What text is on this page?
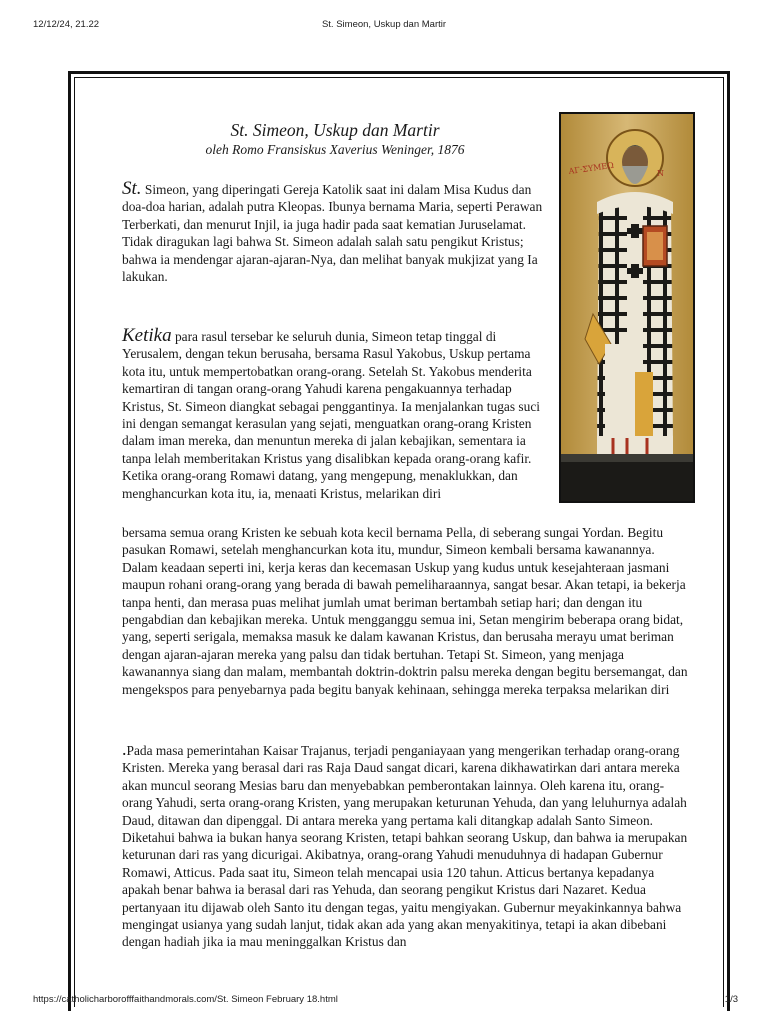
12/12/24, 21.22	St. Simeon, Uskup dan Martir

St. Simeon, Uskup dan Martir

oleh Romo Fransiskus Xaverius Weninger, 1876

ΑΓ·ΣΥΜΕΩ	Ν

St. Simeon, yang diperingati Gereja Katolik saat ini dalam Misa Kudus dan doa-doa harian, adalah putra Kleopas. Ibunya bernama Maria, seperti Perawan Terberkati, dan menurut Injil, ia juga hadir pada saat kematian Juruselamat. Tidak diragukan lagi bahwa St. Simeon adalah salah satu pengikut Kristus; bahwa ia mendengar ajaran-ajaran-Nya, dan melihat banyak mukjizat yang Ia lakukan.

Ketika para rasul tersebar ke seluruh dunia, Simeon tetap tinggal di Yerusalem, dengan tekun berusaha, bersama Rasul Yakobus, Uskup pertama kota itu, untuk mempertobatkan orang-orang. Setelah St. Yakobus menderita kemartiran di tangan orang-orang Yahudi karena pengakuannya terhadap Kristus, St. Simeon diangkat sebagai penggantinya. Ia menjalankan tugas suci ini dengan semangat kerasulan yang sejati, menguatkan orang-orang Kristen dalam iman mereka, dan menuntun mereka di jalan kebajikan, sementara ia tanpa lelah memberitakan Kristus yang disalibkan kepada orang-orang kafir. Ketika orang-orang Romawi datang, yang mengepung, menaklukkan, dan menghancurkan kota itu, ia, menaati Kristus, melarikan diri

bersama semua orang Kristen ke sebuah kota kecil bernama Pella, di seberang sungai Yordan. Begitu pasukan Romawi, setelah menghancurkan kota itu, mundur, Simeon kembali bersama kawanannya. Dalam keadaan seperti ini, kerja keras dan kecemasan Uskup yang kudus untuk kesejahteraan jasmani maupun rohani orang-orang yang berada di bawah pemeliharaannya, sangat besar. Akan tetapi, ia bekerja tanpa henti, dan merasa puas melihat jumlah umat beriman bertambah setiap hari; dan dengan itu pengabdian dan kebajikan mereka. Untuk mengganggu semua ini, Setan mengirim beberapa orang bidat, yang, seperti serigala, memaksa masuk ke dalam kawanan Kristus, dan berusaha merayu umat beriman dengan ajaran-ajaran mereka yang palsu dan tidak bertuhan. Tetapi St. Simeon, yang menjaga kawanannya siang dan malam, membantah doktrin-doktrin palsu mereka dengan begitu bersemangat, dan mengekspos para penyebarnya pada begitu banyak kehinaan, sehingga mereka terpaksa melarikan diri

.Pada masa pemerintahan Kaisar Trajanus, terjadi penganiayaan yang mengerikan terhadap orang-orang Kristen. Mereka yang berasal dari ras Raja Daud sangat dicari, karena dikhawatirkan dari antara mereka akan muncul seorang Mesias baru dan menyebabkan pemberontakan lainnya. Oleh karena itu, orang-orang Yahudi, serta orang-orang Kristen, yang merupakan keturunan Yehuda, dan yang leluhurnya adalah Daud, ditawan dan dipenggal. Di antara mereka yang pertama kali ditangkap adalah Santo Simeon. Diketahui bahwa ia bukan hanya seorang Kristen, tetapi bahkan seorang Uskup, dan bahwa ia merupakan keturunan dari ras yang dicurigai. Akibatnya, orang-orang Yahudi menuduhnya di hadapan Gubernur Romawi, Atticus. Pada saat itu, Simeon telah mencapai usia 120 tahun. Atticus bertanya kepadanya apakah benar bahwa ia berasal dari ras Yehuda, dan seorang pengikut Kristus dari Nazaret. Kedua pertanyaan itu dijawab oleh Santo itu dengan tegas, yaitu mengiyakan. Gubernur meyakinkannya bahwa mengingat usianya yang sudah lanjut, tidak akan ada yang akan menyakitinya, tetapi ia akan dibebani dengan hadiah jika ia mau meninggalkan Kristus dan

https://catholicharborofffaithandmorals.com/St. Simeon February 18.html	1/3
